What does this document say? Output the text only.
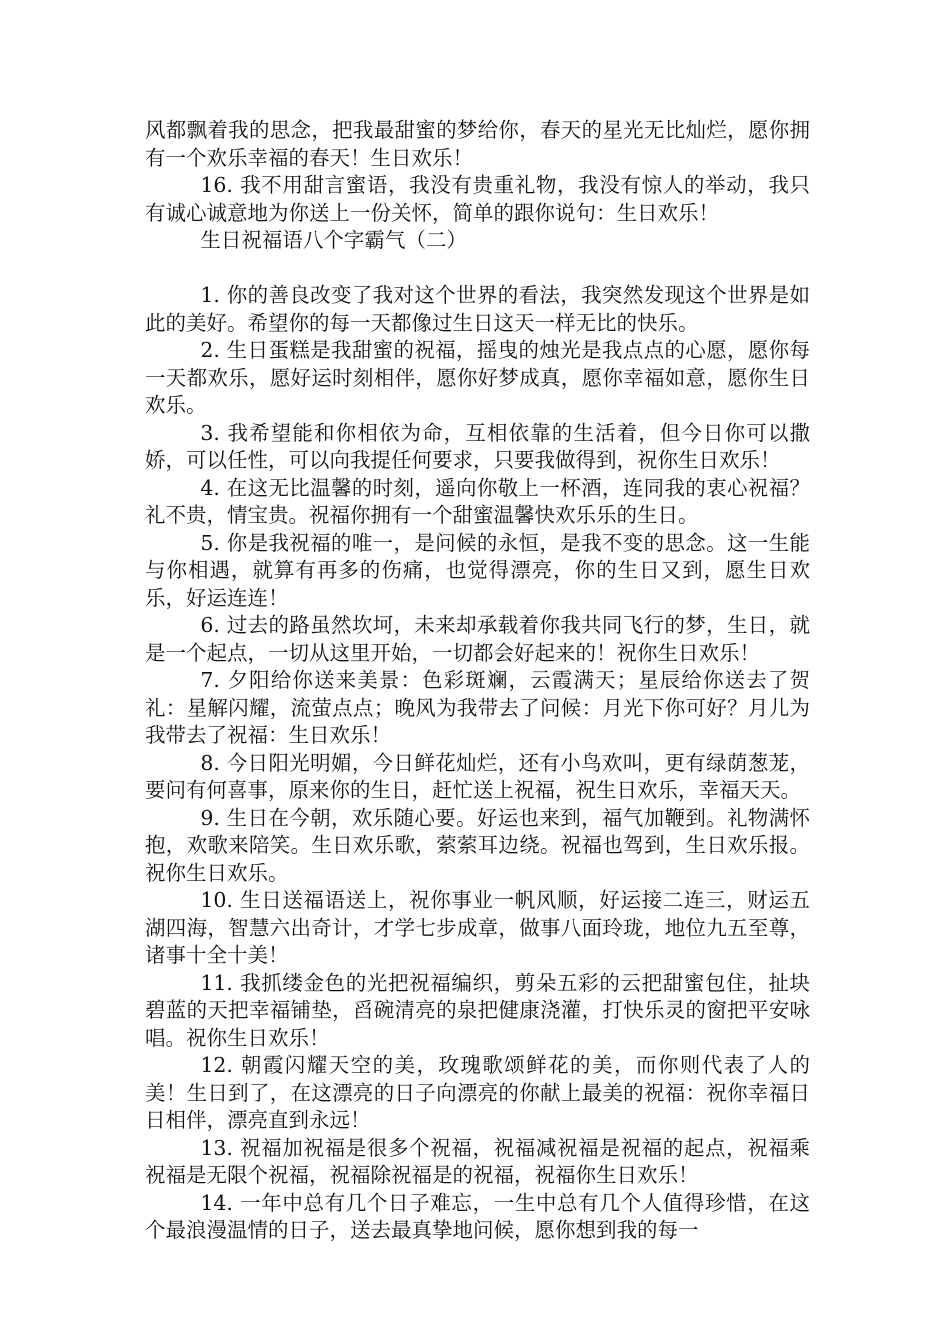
风都飘着我的思念，把我最甜蜜的梦给你，春天的星光无比灿烂，愿你拥有一个欢乐幸福的春天！生日欢乐！

16. 我不用甜言蜜语，我没有贵重礼物，我没有惊人的举动，我只有诚心诚意地为你送上一份关怀，简单的跟你说句：生日欢乐！

生日祝福语八个字霸气（二）

1. 你的善良改变了我对这个世界的看法，我突然发现这个世界是如此的美好。希望你的每一天都像过生日这天一样无比的快乐。

2. 生日蛋糕是我甜蜜的祝福，摇曳的烛光是我点点的心愿，愿你每一天都欢乐，愿好运时刻相伴，愿你好梦成真，愿你幸福如意，愿你生日欢乐。

3. 我希望能和你相依为命，互相依靠的生活着，但今日你可以撒娇，可以任性，可以向我提任何要求，只要我做得到，祝你生日欢乐！

4. 在这无比温馨的时刻，遥向你敬上一杯酒，连同我的衷心祝福？礼不贵，情宝贵。祝福你拥有一个甜蜜温馨快欢乐乐的生日。

5. 你是我祝福的唯一，是问候的永恒，是我不变的思念。这一生能与你相遇，就算有再多的伤痛，也觉得漂亮，你的生日又到，愿生日欢乐，好运连连！

6. 过去的路虽然坎坷，未来却承载着你我共同飞行的梦，生日，就是一个起点，一切从这里开始，一切都会好起来的！祝你生日欢乐！

7. 夕阳给你送来美景：色彩斑斓，云霞满天；星辰给你送去了贺礼：星解闪耀，流萤点点；晚风为我带去了问候：月光下你可好？月儿为我带去了祝福：生日欢乐！

8. 今日阳光明媚，今日鲜花灿烂，还有小鸟欢叫，更有绿荫葱茏，要问有何喜事，原来你的生日，赶忙送上祝福，祝生日欢乐，幸福天天。

9. 生日在今朝，欢乐随心要。好运也来到，福气加鞭到。礼物满怀抱，欢歌来陪笑。生日欢乐歌，萦萦耳边绕。祝福也驾到，生日欢乐报。祝你生日欢乐。

10. 生日送福语送上，祝你事业一帆风顺，好运接二连三，财运五湖四海，智慧六出奇计，才学七步成章，做事八面玲珑，地位九五至尊，诸事十全十美！

11. 我抓缕金色的光把祝福编织，剪朵五彩的云把甜蜜包住，扯块碧蓝的天把幸福铺垫，舀碗清亮的泉把健康浇灌，打快乐灵的窗把平安咏唱。祝你生日欢乐！

12. 朝霞闪耀天空的美，玫瑰歌颂鲜花的美，而你则代表了人的美！生日到了，在这漂亮的日子向漂亮的你献上最美的祝福：祝你幸福日日相伴，漂亮直到永远！

13. 祝福加祝福是很多个祝福，祝福减祝福是祝福的起点，祝福乘祝福是无限个祝福，祝福除祝福是的祝福，祝福你生日欢乐！

14. 一年中总有几个日子难忘，一生中总有几个人值得珍惜，在这个最浪漫温情的日子，送去最真挚地问候，愿你想到我的每一
